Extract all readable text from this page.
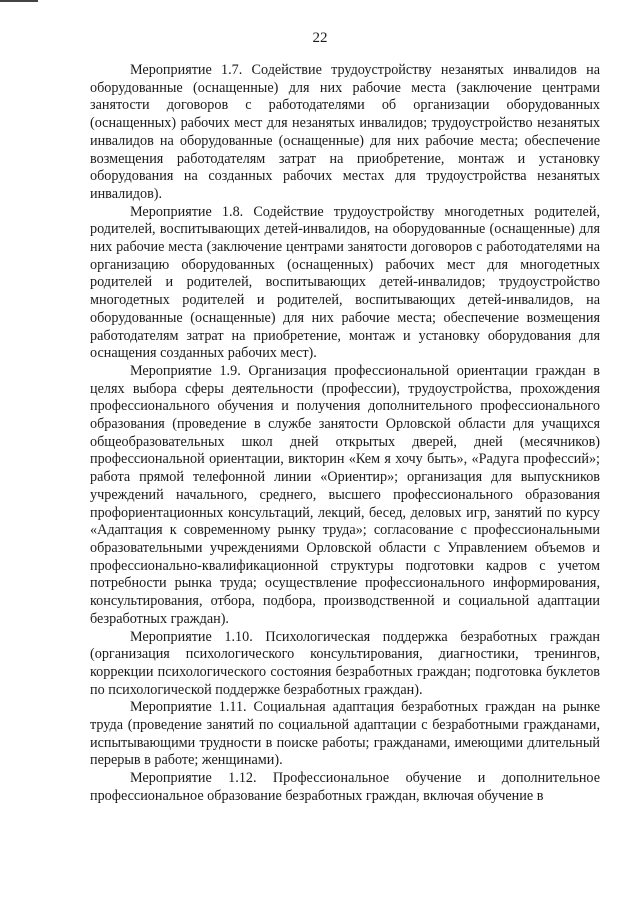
22

Мероприятие 1.7. Содействие трудоустройству незанятых инвалидов на оборудованные (оснащенные) для них рабочие места (заключение центрами занятости договоров с работодателями об организации оборудованных (оснащенных) рабочих мест для незанятых инвалидов; трудоустройство незанятых инвалидов на оборудованные (оснащенные) для них рабочие места; обеспечение возмещения работодателям затрат на приобретение, монтаж и установку оборудования на созданных рабочих местах для трудоустройства незанятых инвалидов).

Мероприятие 1.8. Содействие трудоустройству многодетных родителей, родителей, воспитывающих детей-инвалидов, на оборудованные (оснащенные) для них рабочие места (заключение центрами занятости договоров с работодателями на организацию оборудованных (оснащенных) рабочих мест для многодетных родителей и родителей, воспитывающих детей-инвалидов; трудоустройство многодетных родителей и родителей, воспитывающих детей-инвалидов, на оборудованные (оснащенные) для них рабочие места; обеспечение возмещения работодателям затрат на приобретение, монтаж и установку оборудования для оснащения созданных рабочих мест).

Мероприятие 1.9. Организация профессиональной ориентации граждан в целях выбора сферы деятельности (профессии), трудоустройства, прохождения профессионального обучения и получения дополнительного профессионального образования (проведение в службе занятости Орловской области для учащихся общеобразовательных школ дней открытых дверей, дней (месячников) профессиональной ориентации, викторин «Кем я хочу быть», «Радуга профессий»; работа прямой телефонной линии «Ориентир»; организация для выпускников учреждений начального, среднего, высшего профессионального образования профориентационных консультаций, лекций, бесед, деловых игр, занятий по курсу «Адаптация к современному рынку труда»; согласование с профессиональными образовательными учреждениями Орловской области с Управлением объемов и профессионально-квалификационной структуры подготовки кадров с учетом потребности рынка труда; осуществление профессионального информирования, консультирования, отбора, подбора, производственной и социальной адаптации безработных граждан).

Мероприятие 1.10. Психологическая поддержка безработных граждан (организация психологического консультирования, диагностики, тренингов, коррекции психологического состояния безработных граждан; подготовка буклетов по психологической поддержке безработных граждан).

Мероприятие 1.11. Социальная адаптация безработных граждан на рынке труда (проведение занятий по социальной адаптации с безработными гражданами, испытывающими трудности в поиске работы; гражданами, имеющими длительный перерыв в работе; женщинами).

Мероприятие 1.12. Профессиональное обучение и дополнительное профессиональное образование безработных граждан, включая обучение в
